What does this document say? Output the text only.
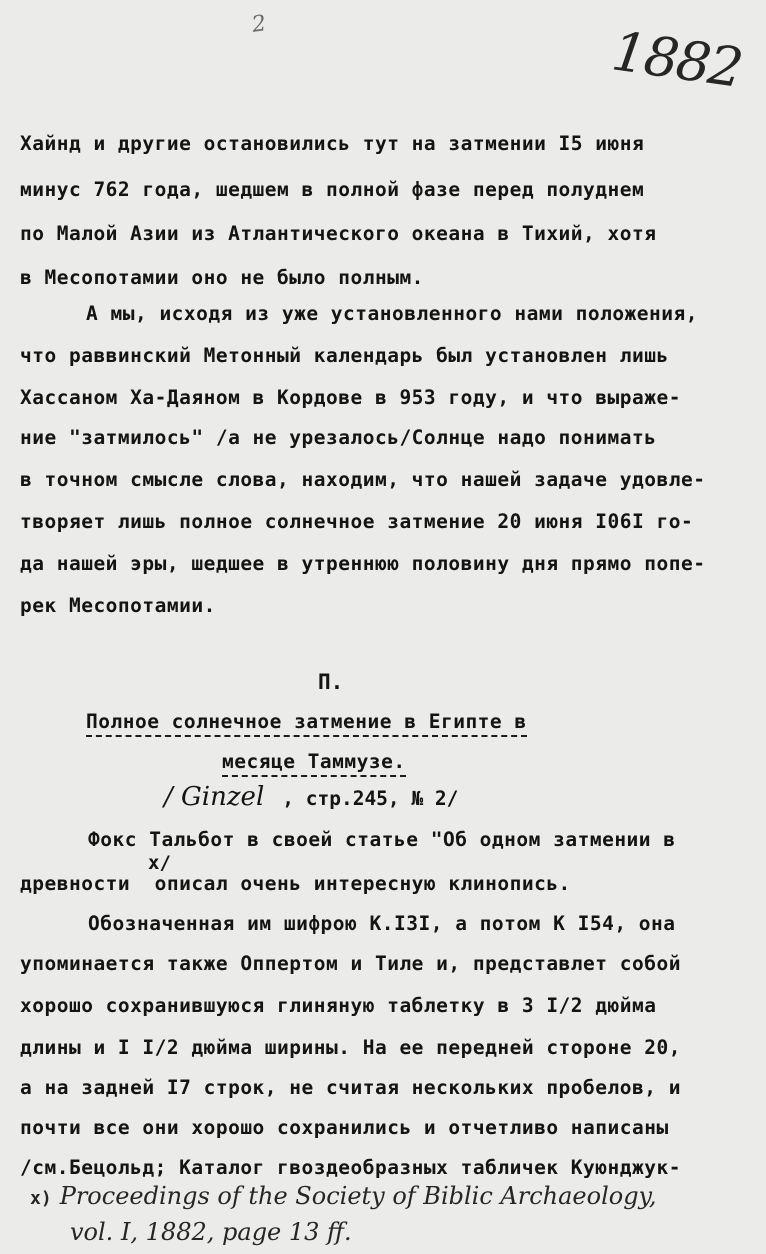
2	1882
Хайнд и другие остановились тут на затмении I5 июня
минус 762 года, шедшем в полной фазе перед полуднем
по Малой Азии из Атлантического океана в Тихий, хотя
в Месопотамии оно не было полным.
А мы, исходя из уже установленного нами положения,
что раввинский Метонный календарь был установлен лишь
Хассаном Ха-Даяном в Кордове в 953 году, и что выраже-
ние "затмилось" /а не урезалось/Солнце надо понимать
в точном смысле слова, находим, что нашей задаче удовле-
творяет лишь полное солнечное затмение 20 июня I06I го-
да нашей эры, шедшее в утреннюю половину дня прямо попе-
рек Месопотамии.
П.
Полное солнечное затмение в Египте в
месяце Таммузе.
/ Ginzel , стр.245, № 2/
Фокс Тальбот в своей статье "Об одном затмении в
x/
древности  описал очень интересную клинопись.
Обозначенная им шифрою К.I3I, а потом К I54, она
упоминается также Оппертом и Тиле и, представлет собой
хорошо сохранившуюся глиняную таблетку в 3 I/2 дюйма
длины и I I/2 дюйма ширины. На ее передней стороне 20,
а на задней I7 строк, не считая нескольких пробелов, и
почти все они хорошо сохранились и отчетливо написаны
/см.Бецольд; Каталог гвоздеобразных табличек Куюнджук-
x) Proceedings of the Society of Biblic Archaeology,
vol. I, 1882, page 13 ff.
